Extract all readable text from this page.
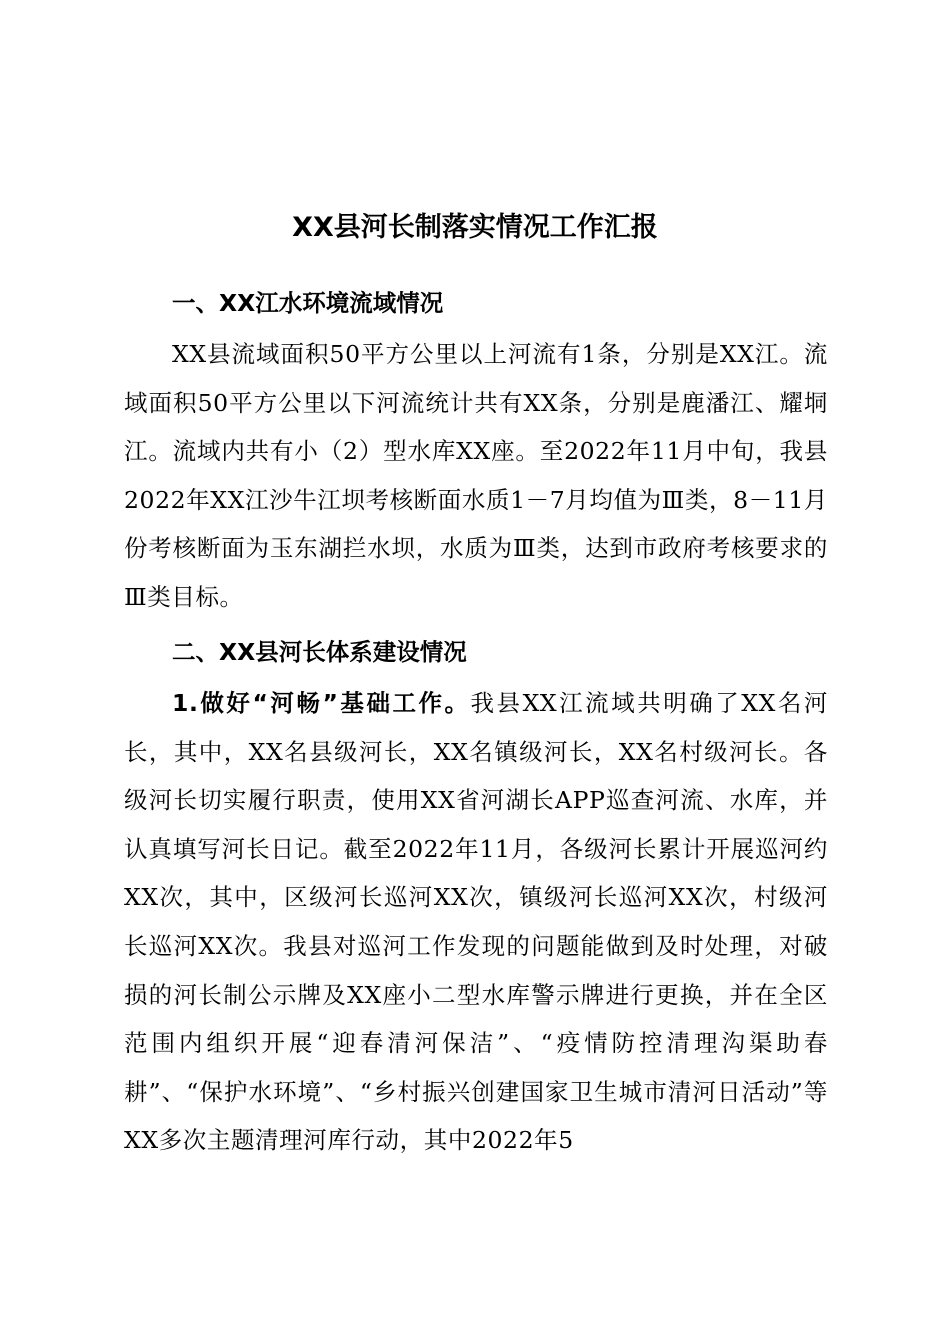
XX县河长制落实情况工作汇报
一、XX江水环境流域情况

XX县流域面积50平方公里以上河流有1条，分别是XX江。流域面积50平方公里以下河流统计共有XX条，分别是鹿潘江、耀垌江。流域内共有小（2）型水库XX座。至2022年11月中旬，我县2022年XX江沙牛江坝考核断面水质1－7月均值为Ⅲ类，8－11月份考核断面为玉东湖拦水坝，水质为Ⅲ类，达到市政府考核要求的Ⅲ类目标。

二、XX县河长体系建设情况

1.做好“河畅”基础工作。我县XX江流域共明确了XX名河长，其中，XX名县级河长，XX名镇级河长，XX名村级河长。各级河长切实履行职责，使用XX省河湖长APP巡查河流、水库，并认真填写河长日记。截至2022年11月，各级河长累计开展巡河约XX次，其中，区级河长巡河XX次，镇级河长巡河XX次，村级河长巡河XX次。我县对巡河工作发现的问题能做到及时处理，对破损的河长制公示牌及XX座小二型水库警示牌进行更换，并在全区范围内组织开展“迎春清河保洁”、“疫情防控清理沟渠助春耕”、“保护水环境”、“乡村振兴创建国家卫生城市清河日活动”等XX多次主题清理河库行动，其中2022年5
